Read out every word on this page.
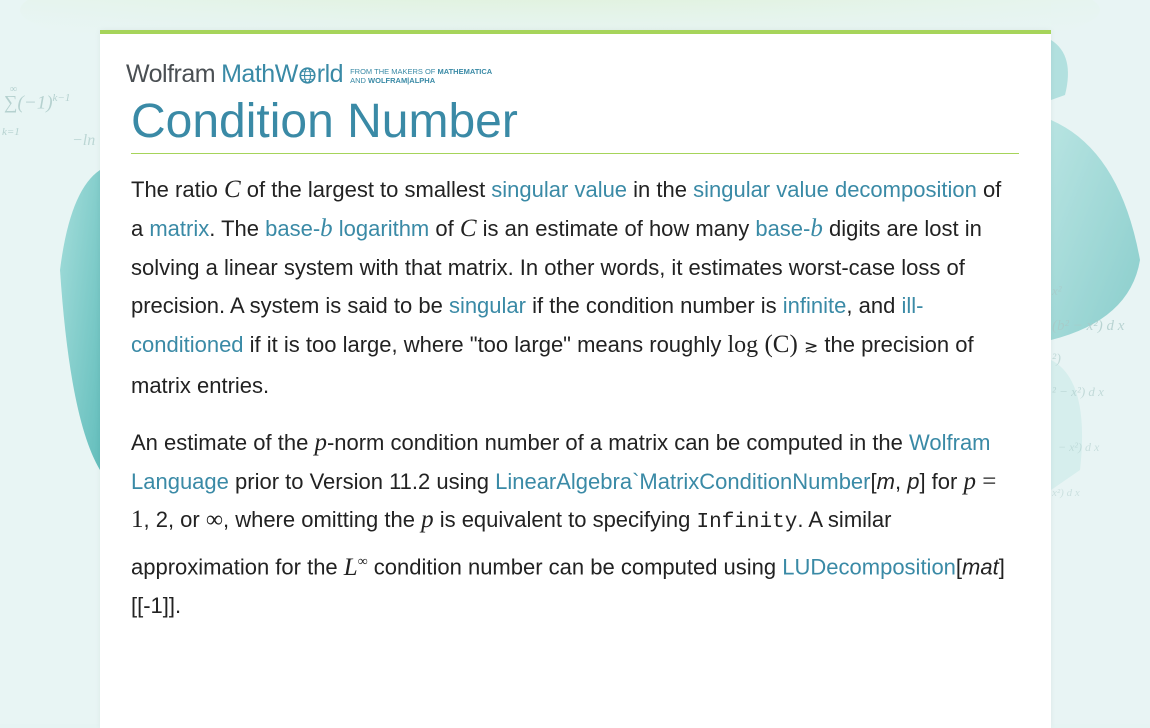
$\sum(-1)^{k-1}$
∞
k=1	−ln
x²
(b² − x²) d x
²)
² − x²) d x
− x²) d x
x²) d x
Wolfram MathW rld FROM THE MAKERS OF MATHEMATICA
AND WOLFRAM|ALPHA
Condition Number

The ratio C of the largest to smallest singular value in the singular value decomposition of a matrix. The base-b logarithm of C is an estimate of how many base-b digits are lost in solving a linear system with that matrix. In other words, it estimates worst-case loss of precision. A system is said to be singular if the condition number is infinite, and ill-conditioned if it is too large, where "too large" means roughly log (C) ≳ the precision of matrix entries.

An estimate of the p-norm condition number of a matrix can be computed in the Wolfram Language prior to Version 11.2 using LinearAlgebra`MatrixConditionNumber[m, p] for p = 1, 2, or ∞, where omitting the p is equivalent to specifying Infinity. A similar approximation for the L∞ condition number can be computed using LUDecomposition[mat][[-1]].
